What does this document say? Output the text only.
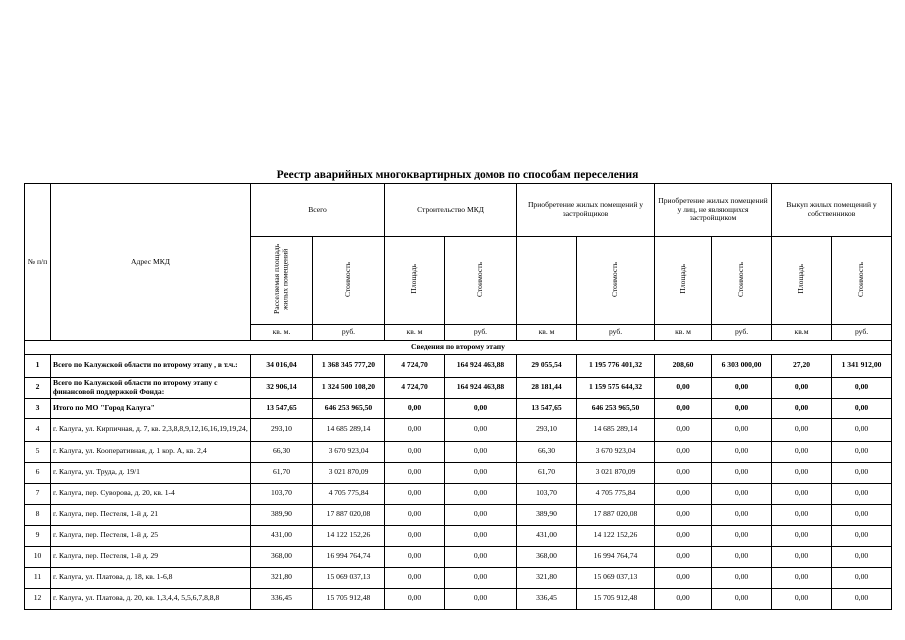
Реестр аварийных многоквартирных домов по способам переселения
№ п/п	Адрес МКД	Всего		Строительство МКД		Приобретение жилых помещений у застройщиков		Приобретение жилых помещений у лиц, не являющихся застройщиком		Выкуп жилых помещений у собственников	
		Расселяемая площадь жилых помещений	Стоимость	Площадь	Стоимость		Стоимость	Площадь	Стоимость	Площадь	Стоимость
		кв. м.	руб.	кв. м	руб.	кв. м	руб.	кв. м	руб.	кв.м	руб.
Сведения по второму этапу											
1	Всего по Калужской области по второму этапу , в т.ч.:	34 016,04	1 368 345 777,20	4 724,70	164 924 463,88	29 055,54	1 195 776 401,32	208,60	6 303 000,00	27,20	1 341 912,00
2	Всего по Калужской области по второму этапу с финансовой поддержкой Фонда:	32 906,14	1 324 500 108,20	4 724,70	164 924 463,88	28 181,44	1 159 575 644,32	0,00	0,00	0,00	0,00
3	Итого по МО "Город Калуга"	13 547,65	646 253 965,50	0,00	0,00	13 547,65	646 253 965,50	0,00	0,00	0,00	0,00
4	г. Калуга, ул. Кирпичная, д. 7, кв. 2,3,8,8,9,12,16,16,19,19,24,	293,10	14 685 289,14	0,00	0,00	293,10	14 685 289,14	0,00	0,00	0,00	0,00
5	г. Калуга, ул. Кооперативная, д. 1 кор. А, кв. 2,4	66,30	3 670 923,04	0,00	0,00	66,30	3 670 923,04	0,00	0,00	0,00	0,00
6	г. Калуга, ул. Труда, д. 19/1	61,70	3 021 870,09	0,00	0,00	61,70	3 021 870,09	0,00	0,00	0,00	0,00
7	г. Калуга, пер. Суворова, д. 20, кв. 1-4	103,70	4 705 775,84	0,00	0,00	103,70	4 705 775,84	0,00	0,00	0,00	0,00
8	г. Калуга, пер. Пестеля, 1-й д. 21	389,90	17 887 020,08	0,00	0,00	389,90	17 887 020,08	0,00	0,00	0,00	0,00
9	г. Калуга, пер. Пестеля, 1-й д. 25	431,00	14 122 152,26	0,00	0,00	431,00	14 122 152,26	0,00	0,00	0,00	0,00
10	г. Калуга, пер. Пестеля, 1-й д. 29	368,00	16 994 764,74	0,00	0,00	368,00	16 994 764,74	0,00	0,00	0,00	0,00
11	г. Калуга, ул. Платова, д. 18, кв. 1-6,8	321,80	15 069 037,13	0,00	0,00	321,80	15 069 037,13	0,00	0,00	0,00	0,00
12	г. Калуга, ул. Платова, д. 20, кв. 1,3,4,4, 5,5,6,7,8,8,8	336,45	15 705 912,48	0,00	0,00	336,45	15 705 912,48	0,00	0,00	0,00	0,00
